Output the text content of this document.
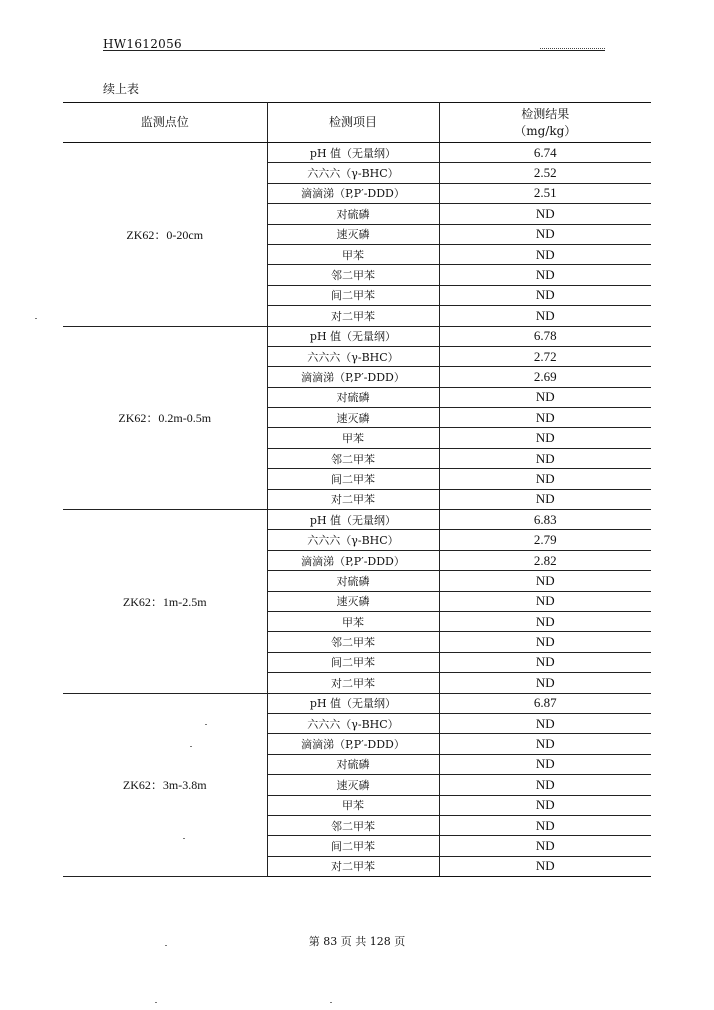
HW1612056
续上表
监测点位	检测项目	检测结果
（mg/kg）

ZK62：0-20cm	pH 值（无量纲）	6.74
	六六六（γ-BHC）	2.52
	滴滴涕（P,P′-DDD）	2.51
	对硫磷	ND
	速灭磷	ND
	甲苯	ND
	邻二甲苯	ND
	间二甲苯	ND
	对二甲苯	ND
ZK62：0.2m-0.5m	pH 值（无量纲）	6.78
	六六六（γ-BHC）	2.72
	滴滴涕（P,P′-DDD）	2.69
	对硫磷	ND
	速灭磷	ND
	甲苯	ND
	邻二甲苯	ND
	间二甲苯	ND
	对二甲苯	ND
ZK62：1m-2.5m	pH 值（无量纲）	6.83
	六六六（γ-BHC）	2.79
	滴滴涕（P,P′-DDD）	2.82
	对硫磷	ND
	速灭磷	ND
	甲苯	ND
	邻二甲苯	ND
	间二甲苯	ND
	对二甲苯	ND
ZK62：3m-3.8m	pH 值（无量纲）	6.87
	六六六（γ-BHC）	ND
	滴滴涕（P,P′-DDD）	ND
	对硫磷	ND
	速灭磷	ND
	甲苯	ND
	邻二甲苯	ND
	间二甲苯	ND
	对二甲苯	ND
第 83 页 共 128 页
